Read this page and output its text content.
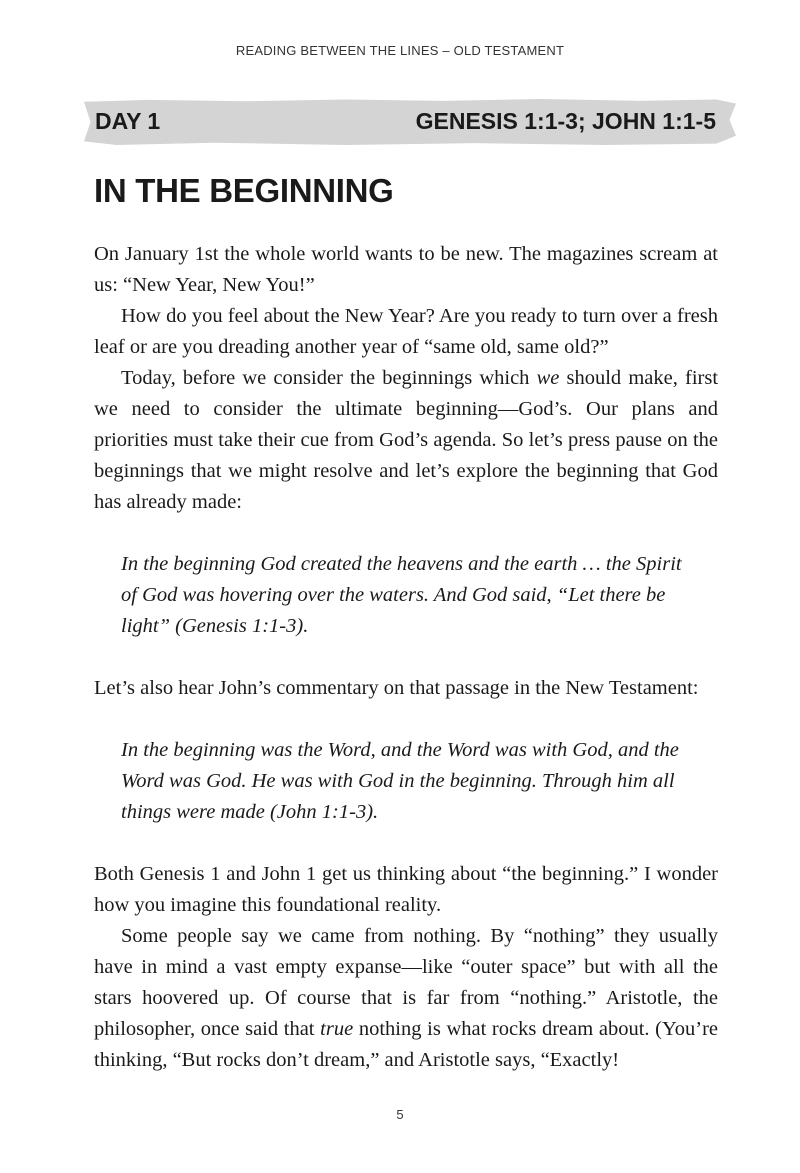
READING BETWEEN THE LINES – OLD TESTAMENT
DAY 1	GENESIS 1:1-3; JOHN 1:1-5
IN THE BEGINNING

On January 1st the whole world wants to be new. The magazines scream at us: “New Year, New You!”

How do you feel about the New Year? Are you ready to turn over a fresh leaf or are you dreading another year of “same old, same old?”

Today, before we consider the beginnings which we should make, first we need to consider the ultimate beginning—God’s. Our plans and priorities must take their cue from God’s agenda. So let’s press pause on the beginnings that we might resolve and let’s explore the beginning that God has already made:

In the beginning God created the heavens and the earth … the Spirit of God was hovering over the waters. And God said, “Let there be light” (Genesis 1:1-3).

Let’s also hear John’s commentary on that passage in the New Testament:

In the beginning was the Word, and the Word was with God, and the Word was God. He was with God in the beginning. Through him all things were made (John 1:1-3).

Both Genesis 1 and John 1 get us thinking about “the beginning.” I wonder how you imagine this foundational reality.

Some people say we came from nothing. By “nothing” they usually have in mind a vast empty expanse—like “outer space” but with all the stars hoovered up. Of course that is far from “nothing.” Aristotle, the philosopher, once said that true nothing is what rocks dream about. (You’re thinking, “But rocks don’t dream,” and Aristotle says, “Exactly!

5
